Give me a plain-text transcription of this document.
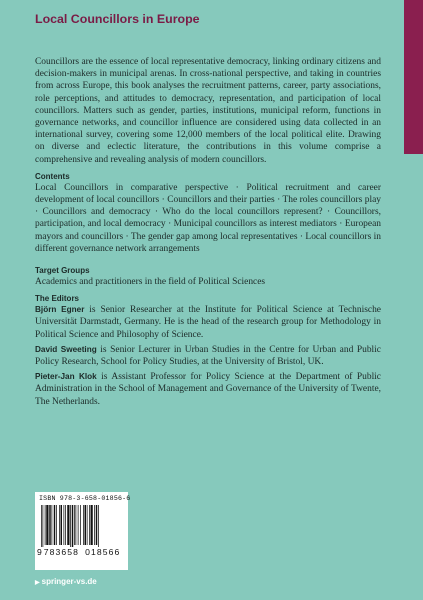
Local Councillors in Europe

Councillors are the essence of local representative democracy, linking ordinary citizens and decision-makers in municipal arenas. In cross-national perspective, and taking in countries from across Europe, this book analyses the recruitment patterns, career, party associations, role perceptions, and attitudes to democracy, representation, and participation of local councillors. Matters such as gender, parties, institutions, municipal reform, functions in governance networks, and councillor influence are considered using data collected in an international survey, covering some 12,000 members of the local political elite. Drawing on diverse and eclectic literature, the contributions in this volume comprise a comprehensive and revealing analysis of modern councillors.

Contents

Local Councillors in comparative perspective · Political recruitment and career development of local councillors · Councillors and their parties · The roles councillors play · Councillors and democracy · Who do the local councillors represent? · Councillors, participation, and local democracy · Municipal councillors as interest mediators · European mayors and councillors · The gender gap among local representatives · Local councillors in different governance network arrangements

Target Groups

Academics and practitioners in the field of Political Sciences

The Editors

Björn Egner is Senior Researcher at the Institute for Political Science at Technische Universität Darmstadt, Germany. He is the head of the research group for Methodology in Political Science and Philosophy of Science.

David Sweeting is Senior Lecturer in Urban Studies in the Centre for Urban and Public Policy Research, School for Policy Studies, at the University of Bristol, UK.

Pieter-Jan Klok is Assistant Professor for Policy Science at the Department of Public Administration in the School of Management and Governance of the University of Twente, The Netherlands.

ISBN 978-3-658-01856-6
9 783658 018566
▶ springer-vs.de
